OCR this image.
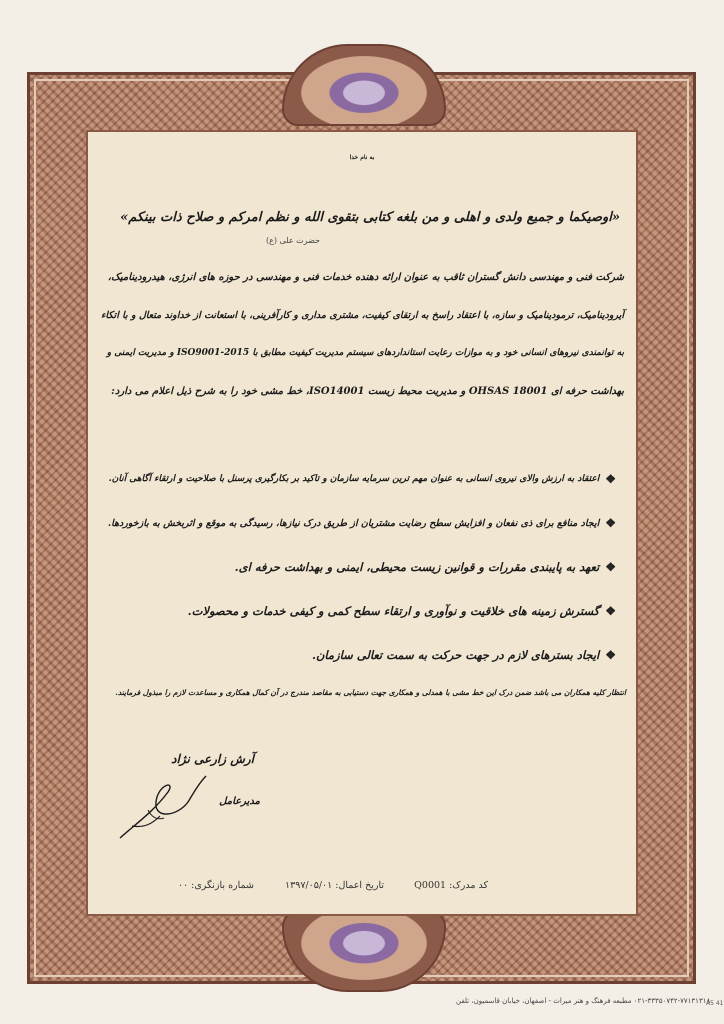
به نام خدا
«اوصیکما و جمیع ولدی و اهلی و من بلغه کتابی بتقوی الله و نظم امرکم و صلاح ذات بینکم»
حضرت علی (ع)
شرکت فنی و مهندسی دانش گستران ثاقب به عنوان ارائه دهنده خدمات فنی و مهندسی در حوزه های انرژی، هیدرودینامیک،
آیرودینامیک، ترمودینامیک و سازه، با اعتقاد راسخ به ارتقای کیفیت، مشتری مداری و کارآفرینی، با استعانت از خداوند متعال و با اتکاء
به توانمندی نیروهای انسانی خود و به موازات رعایت استانداردهای سیستم مدیریت کیفیت مطابق با ISO9001-2015 و مدیریت ایمنی و
بهداشت حرفه ای OHSAS 18001 و مدیریت محیط زیست ISO14001، خط مشی خود را به شرح ذیل اعلام می دارد:
❖
اعتقاد به ارزش والای نیروی انسانی به عنوان مهم ترین سرمایه سازمان و تاکید بر بکارگیری پرسنل با صلاحیت و ارتقاء آگاهی آنان.
❖
ایجاد منافع برای ذی نفعان و افزایش سطح رضایت مشتریان از طریق درک نیازها، رسیدگی به موقع و اثربخش به بازخوردها.
❖
تعهد به پایبندی مقررات و قوانین زیست محیطی، ایمنی و بهداشت حرفه ای.
❖
گسترش زمینه های خلاقیت و نوآوری و ارتقاء سطح کمی و کیفی خدمات و محصولات.
❖
ایجاد بسترهای لازم در جهت حرکت به سمت تعالی سازمان.
انتظار کلیه همکاران می باشد ضمن درک این خط مشی با همدلی و همکاری جهت دستیابی به مقاصد مندرج در آن کمال همکاری و مساعدت لازم را مبذول فرمایند.
آرش زارعی نژاد
مدیرعامل
کد مدرک: Q0001
تاریخ اعمال: ۱۳۹۷/۰۵/۰۱
شماره بازنگری: ۰۰
۰۲۱-۳۳۳۵۰۷۴۲-۷۷۱۳۱۳۱۸ مطبعه فرهنگ و هنر میراث - اصفهان، خیابان قاسمیون، تلفن
A5 41
